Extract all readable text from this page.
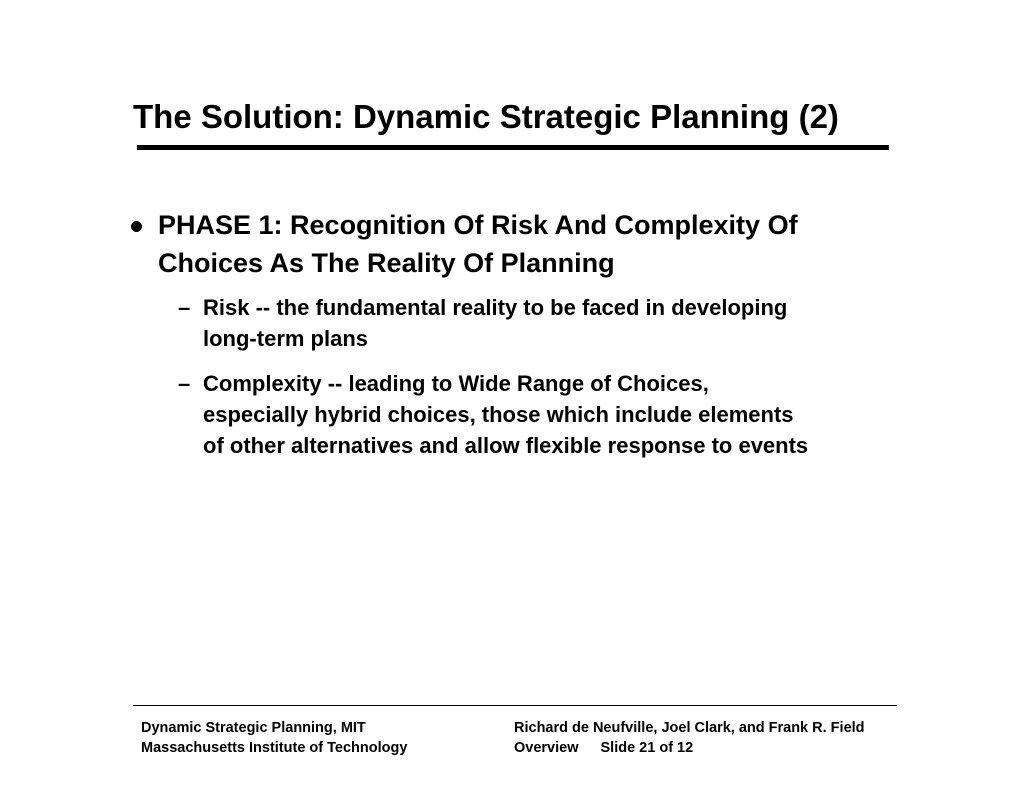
The Solution: Dynamic Strategic Planning (2)
PHASE 1: Recognition Of Risk And Complexity Of Choices As The Reality Of Planning
– Risk -- the fundamental reality to be faced in developing long-term plans
– Complexity -- leading to Wide Range of Choices, especially hybrid choices, those which include elements of other alternatives and allow flexible response to events
Dynamic Strategic Planning, MIT
Massachusetts Institute of Technology
Richard de Neufville, Joel Clark, and Frank R. Field
Overview Slide 21 of 12
